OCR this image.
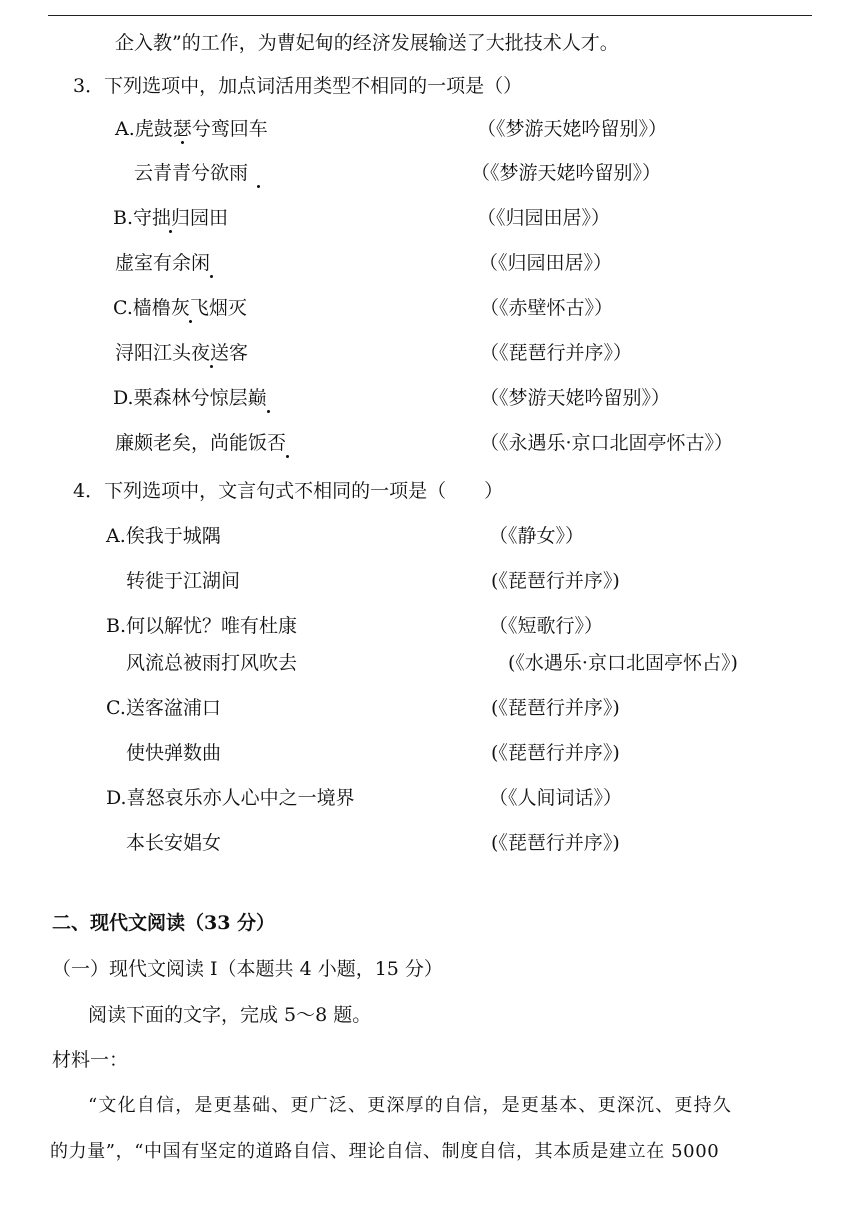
企入教”的工作，为曹妃甸的经济发展输送了大批技术人才。
3．下列选项中，加点词活用类型不相同的一项是（）
A.虎鼓瑟兮鸾回车	（《梦游天姥吟留别》）
云青青兮欲雨	（《梦游天姥吟留别》）
B.守拙归园田	（《归园田居》）
虚室有余闲	（《归园田居》）
C.樯橹灰飞烟灭	（《赤壁怀古》）
浔阳江头夜送客	（《琵琶行并序》）
D.栗森林兮惊层巅	（《梦游天姥吟留别》）
廉颇老矣，尚能饭否	（《永遇乐·京口北固亭怀古》）
4．下列选项中，文言句式不相同的一项是（　　）
A.俟我于城隅	（《静女》）
转徙于江湖间	(《琵琶行并序》)
B.何以解忧？唯有杜康	（《短歌行》）
风流总被雨打风吹去	(《水遇乐·京口北固亭怀占》)
C.送客湓浦口	(《琵琶行并序》)
使快弹数曲	(《琵琶行并序》)
D.喜怒哀乐亦人心中之一境界	（《人间词话》）
本长安娼女	(《琵琶行并序》)
二、现代文阅读（33 分）
（一）现代文阅读 I（本题共 4 小题，15 分）
阅读下面的文字，完成 5～8 题。
材料一：
“文化自信，是更基础、更广泛、更深厚的自信，是更基本、更深沉、更持久
的力量”，“中国有坚定的道路自信、理论自信、制度自信，其本质是建立在 5000
